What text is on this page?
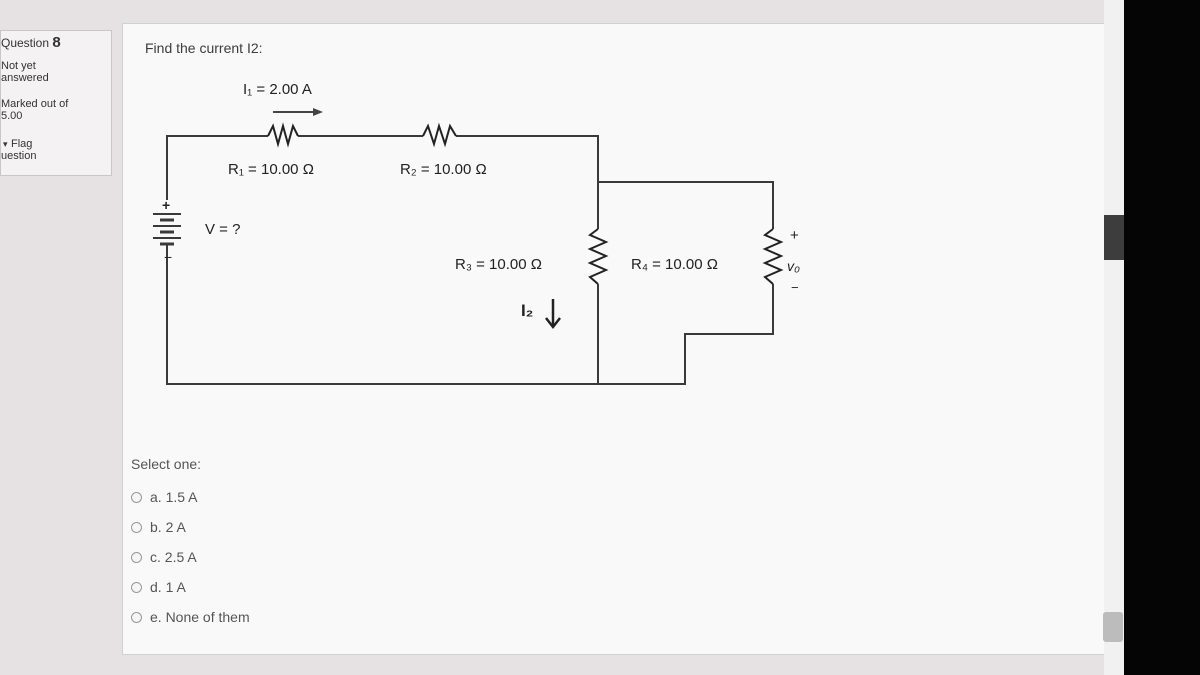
Question 8
Not yet
answered
Marked out of
5.00
▾ Flag
uestion
Find the current I2:
+
−
I₁ = 2.00 A
R₁ = 10.00 Ω	R₂ = 10.00 Ω
V = ?
R₃ = 10.00 Ω	R₄ = 10.00 Ω
I₂
+
v₀
−
Select one:
a. 1.5 A
b. 2 A
c. 2.5 A
d. 1 A
e. None of them
